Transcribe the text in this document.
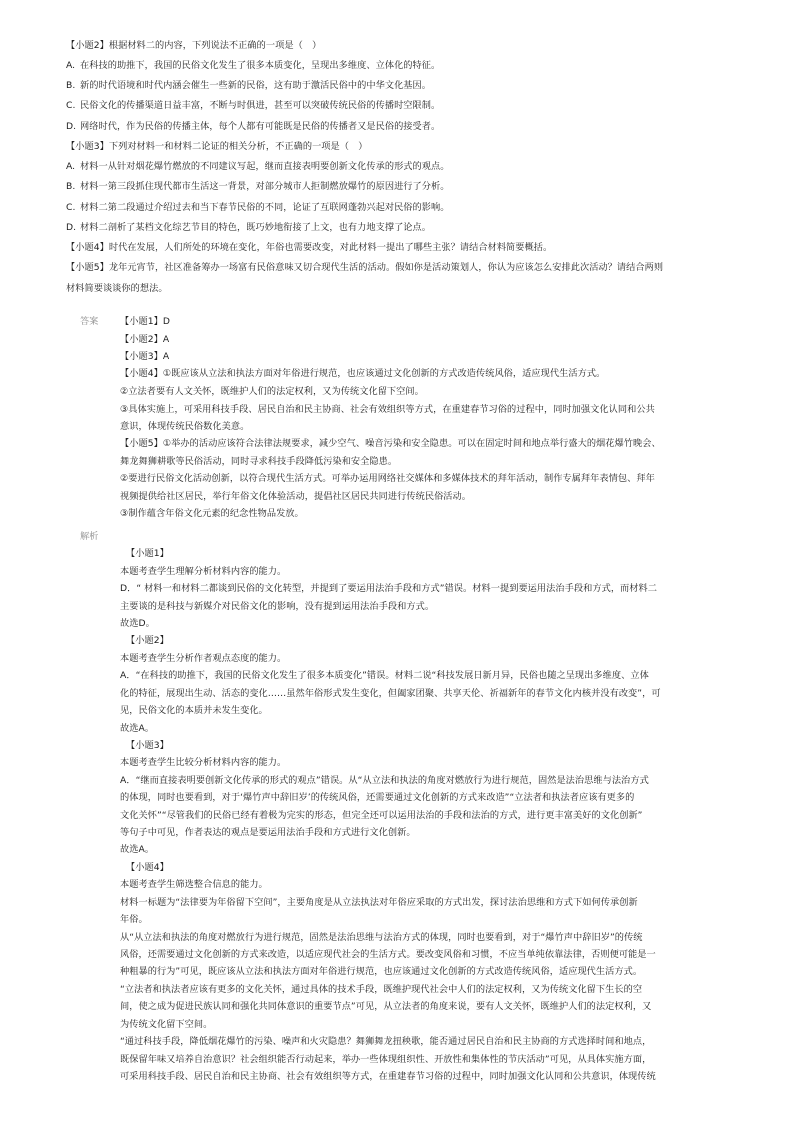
【小题2】根据材料二的内容，下列说法不正确的一项是（　）
A. 在科技的助推下，我国的民俗文化发生了很多本质变化，呈现出多维度、立体化的特征。
B. 新的时代语境和时代内涵会催生一些新的民俗，这有助于激活民俗中的中华文化基因。
C. 民俗文化的传播渠道日益丰富，不断与时俱进，甚至可以突破传统民俗的传播时空限制。
D. 网络时代，作为民俗的传播主体，每个人都有可能既是民俗的传播者又是民俗的接受者。
【小题3】下列对材料一和材料二论证的相关分析，不正确的一项是（　）
A. 材料一从针对烟花爆竹燃放的不同建议写起，继而直接表明要创新文化传承的形式的观点。
B. 材料一第三段抓住现代都市生活这一背景，对部分城市人拒制燃放爆竹的原因进行了分析。
C. 材料二第二段通过介绍过去和当下春节民俗的不同，论证了互联网蓬勃兴起对民俗的影响。
D. 材料二剖析了某档文化综艺节目的特色，既巧妙地衔接了上文，也有力地支撑了论点。
【小题4】时代在发展，人们所处的环境在变化，年俗也需要改变，对此材料一提出了哪些主张？请结合材料简要概括。
【小题5】龙年元宵节，社区准备筹办一场富有民俗意味又切合现代生活的活动。假如你是活动策划人，你认为应该怎么安排此次活动？请结合两则
材料简要谈谈你的想法。
答案 【小题1】D
【小题2】A
【小题3】A
【小题4】①既应该从立法和执法方面对年俗进行规范，也应该通过文化创新的方式改造传统风俗，适应现代生活方式。
②立法者要有人文关怀，既维护人们的法定权利，又为传统文化留下空间。
③具体实施上，可采用科技手段、居民自治和民主协商、社会有效组织等方式，在重建春节习俗的过程中，同时加强文化认同和公共
意识，体现传统民俗数化美意。
【小题5】①举办的活动应该符合法律法规要求，减少空气、噪音污染和安全隐患。可以在固定时间和地点举行盛大的烟花爆竹晚会、
舞龙舞狮耕歌等民俗活动，同时寻求科技手段降低污染和安全隐患。
②要进行民俗文化活动创新，以符合现代生活方式。可举办运用网络社交媒体和多媒体技术的拜年活动，制作专属拜年表情包、拜年
视频提供给社区居民，举行年俗文化体验活动，提倡社区居民共同进行传统民俗活动。
③制作蕴含年俗文化元素的纪念性物品发放。
解析
【小题1】
本题考查学生理解分析材料内容的能力。
D．“ 材料一和材料二都谈到民俗的文化转型，并提到了要运用法治手段和方式”错误。材料一提到要运用法治手段和方式，而材料二
主要谈的是科技与新媒介对民俗文化的影响，没有提到运用法治手段和方式。
故选D。
【小题2】
本题考查学生分析作者观点态度的能力。
A．“在科技的助推下，我国的民俗文化发生了很多本质变化”错误。材料二说“科技发展日新月异，民俗也随之呈现出多维度、立体
化的特征，展现出生动、活态的变化……虽然年俗形式发生变化，但阖家团聚、共享天伦、祈福新年的春节文化内核并没有改变”，可
见，民俗文化的本质并未发生变化。
故选A。
【小题3】
本题考查学生比较分析材料内容的能力。
A．“继而直接表明要创新文化传承的形式的观点”错误。从“从立法和执法的角度对燃放行为进行规范，固然是法治思维与法治方式
的体现，同时也要看到，对于‘爆竹声中辞旧岁’的传统风俗，还需要通过文化创新的方式来改造”“立法者和执法者应该有更多的
文化关怀”“尽管我们的民俗已经有着极为完实的形态，但完全还可以运用法治的手段和法治的方式，进行更丰富美好的文化创新”
等句子中可见，作者表达的观点是要运用法治手段和方式进行文化创新。
故选A。
【小题4】
本题考查学生筛选整合信息的能力。
材料一标题为“法律要为年俗留下空间”，主要角度是从立法执法对年俗应采取的方式出发，探讨法治思维和方式下如何传承创新
年俗。
从“从立法和执法的角度对燃放行为进行规范，固然是法治思维与法治方式的体现，同时也要看到，对于“爆竹声中辞旧岁”的传统
风俗，还需要通过文化创新的方式来改造，以适应现代社会的生活方式。要改变风俗和习惯，不应当单纯依靠法律，否则便可能是一
种粗暴的行为”可见，既应该从立法和执法方面对年俗进行规范，也应该通过文化创新的方式改造传统风俗，适应现代生活方式。
“立法者和执法者应该有更多的文化关怀，通过具体的技术手段，既维护现代社会中人们的法定权利，又为传统文化留下生长的空
间，使之成为促进民族认同和强化共同体意识的重要节点”可见，从立法者的角度来说，要有人文关怀，既维护人们的法定权利，又
为传统文化留下空间。
“通过科技手段，降低烟花爆竹的污染、噪声和火灾隐患？舞狮舞龙扭秧歌，能否通过居民自治和民主协商的方式选择时间和地点，
既保留年味又培养自治意识？社会组织能否行动起来，举办一些体现组织性、开放性和集体性的节庆活动”可见，从具体实施方面，
可采用科技手段、居民自治和民主协商、社会有效组织等方式，在重建春节习俗的过程中，同时加强文化认同和公共意识，体现传统
